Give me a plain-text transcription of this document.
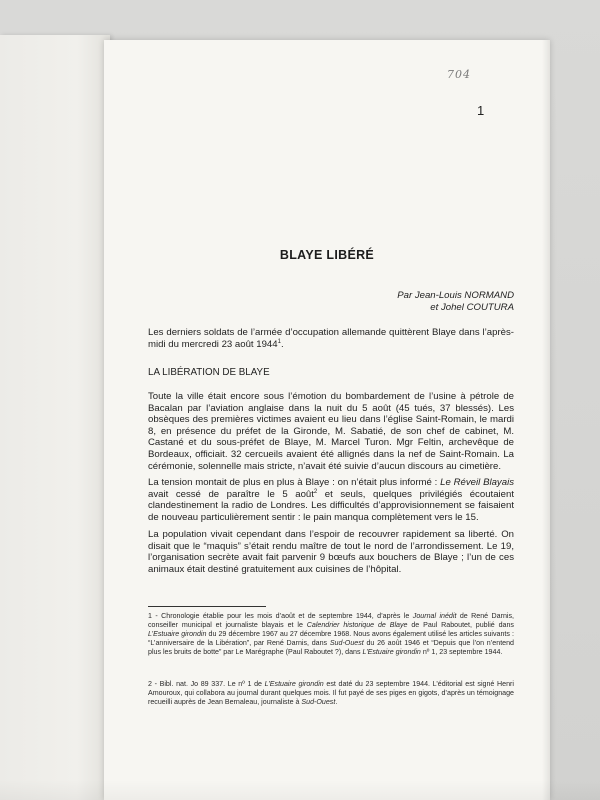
704
1
BLAYE LIBÉRÉ
Par Jean-Louis NORMAND
et Johel COUTURA
Les derniers soldats de l’armée d’occupation allemande quittèrent Blaye dans l’après-midi du mercredi 23 août 1944$^1$.
LA LIBÉRATION DE BLAYE
Toute la ville était encore sous l’émotion du bombardement de l’usine à pétrole de Bacalan par l’aviation anglaise dans la nuit du 5 août (45 tués, 37 blessés). Les obsèques des premières victimes avaient eu lieu dans l’église Saint-Romain, le mardi 8, en présence du préfet de la Gironde, M. Sabatié, de son chef de cabinet, M. Castané et du sous-préfet de Blaye, M. Marcel Turon. Mgr Feltin, archevêque de Bordeaux, officiait. 32 cercueils avaient été allignés dans la nef de Saint-Romain. La cérémonie, solennelle mais stricte, n’avait été suivie d’aucun discours au cimetière.
La tension montait de plus en plus à Blaye : on n’était plus informé : Le Réveil Blayais avait cessé de paraître le 5 août$^2$ et seuls, quelques privilégiés écoutaient clandestinement la radio de Londres. Les difficultés d’approvisionnement se faisaient de nouveau particulièrement sentir : le pain manqua complètement vers le 15.
La population vivait cependant dans l’espoir de recouvrer rapidement sa liberté. On disait que le “maquis” s’était rendu maître de tout le nord de l’arrondissement. Le 19, l’organisation secrète avait fait parvenir 9 bœufs aux bouchers de Blaye ; l’un de ces animaux était destiné gratuitement aux cuisines de l’hôpital.
1 - Chronologie établie pour les mois d’août et de septembre 1944, d’après le Journal inédit de René Darnis, conseiller municipal et journaliste blayais et le Calendrier historique de Blaye de Paul Raboutet, publié dans L’Estuaire girondin du 29 décembre 1967 au 27 décembre 1968. Nous avons également utilisé les articles suivants : “L’anniversaire de la Libération”, par René Darnis, dans Sud-Ouest du 26 août 1946 et “Depuis que l’on n’entend plus les bruits de botte” par Le Marégraphe (Paul Raboutet ?), dans L’Estuaire girondin nº 1, 23 septembre 1944.
2 - Bibl. nat. Jo 89 337. Le nº 1 de L’Estuaire girondin est daté du 23 septembre 1944. L’éditorial est signé Henri Amouroux, qui collabora au journal durant quelques mois. Il fut payé de ses piges en gigots, d’après un témoignage recueilli auprès de Jean Bernaleau, journaliste à Sud-Ouest.
